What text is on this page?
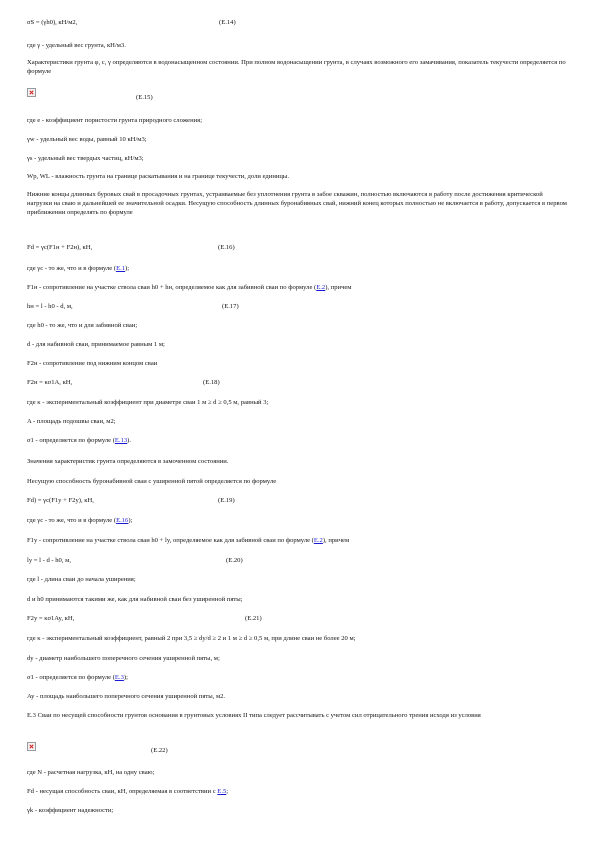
σS = (γh0), кН/м2,	(Е.14)
где γ - удельный вес грунта, кН/м3.
Характеристики грунта φ, c, γ определяются в водонасыщенном состоянии. При полном водонасыщении грунта, в случаях возможного его замачивания, показатель текучести определяется по формуле
(Е.15)
где e - коэффициент пористости грунта природного сложения;
γw - удельный вес воды, равный 10 кН/м3;
γs - удельный вес твердых частиц, кН/м3;
Wp, WL - влажность грунта на границе раскатывания и на границе текучести, доли единицы.
Нижние концы длинных буровых свай в просадочных грунтах, устраиваемые без уплотнения грунта в забое скважин, полностью включаются в работу после достижения критической нагрузки на сваю и дальнейшей ее значительной осадки. Несущую способность длинных буронабивных свай, нижний конец которых полностью не включается в работу, допускается в первом приближении определять по формуле
Fd = γc(F1н + F2н), кН,	(Е.16)
где γc - то же, что и в формуле (Е.1);
F1н - сопротивление на участке ствола сваи h0 + hн, определяемое как для забивной сваи по формуле (Е.2), причем
hн = l - h0 - d, м,	(Е.17)
где h0 - то же, что и для забивной сваи;
d - для набивной сваи, принимаемое равным 1 м;
F2н - сопротивление под нижним концом сваи
F2н = κσ1A, кН,	(Е.18)
где κ - экспериментальный коэффициент при диаметре сваи 1 м ≥ d ≥ 0,5 м, равный 3;
A - площадь подошвы сваи, м2;
σ1 - определяется по формуле (Е.13).
Значения характеристик грунта определяются в замоченном состоянии.
Несущую способность буронабивной сваи с уширенной пятой определяется по формуле
Fd) = γc(F1y + F2y), кН,	(Е.19)
где γc - то же, что и в формуле (Е.16);
F1y - сопротивление на участке ствола сваи h0 + ly, определяемое как для забивной сваи по формуле (Е.2), причем
ly = l - d - h0, м,	(Е.20)
где l - длина сваи до начала уширения;
d и h0 принимаются такими же, как для набивной сваи без уширенной пяты;
F2y = κσ1Ay, кН,	(Е.21)
где κ - экспериментальный коэффициент, равный 2 при 3,5 ≥ dy/d ≥ 2 и 1 м ≥ d ≥ 0,5 м, при длине сваи не более 20 м;
dy - диаметр наибольшего поперечного сечения уширенной пяты, м;
σ1 - определяется по формуле (Е.3);
Ay - площадь наибольшего поперечного сечения уширенной пяты, м2.
Е.3 Сваи по несущей способности грунтов основания в грунтовых условиях II типа следует рассчитывать с учетом сил отрицательного трения исходя из условия
(Е.22)
где N - расчетная нагрузка, кН, на одну сваю;
Fd - несущая способность сваи, кН, определяемая в соответствии с Е.5;
γk - коэффициент надежности;
